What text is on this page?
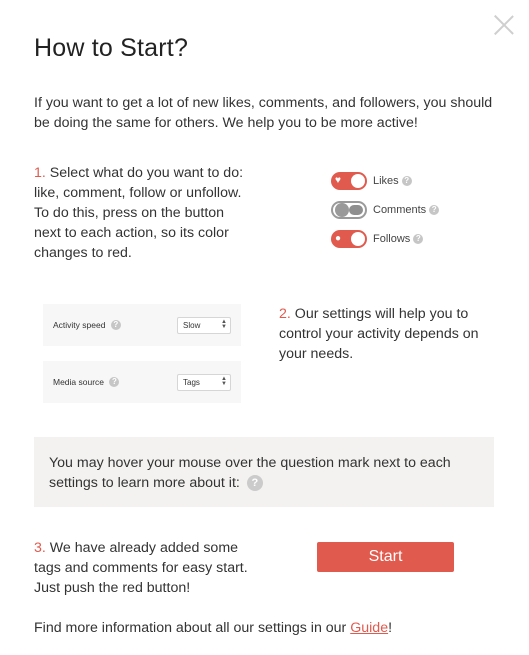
How to Start?

If you want to get a lot of new likes, comments, and followers, you should be doing the same for others. We help you to be more active!

1. Select what do you want to do: like, comment, follow or unfollow. To do this, press on the button next to each action, so its color changes to red.

♥	Likes ?
Comments ?
●	Follows ?
Activity speed ?	Slow	▲
▼
Media source ?	Tags	▲
▼

2. Our settings will help you to control your activity depends on your needs.

You may hover your mouse over the question mark next to each settings to learn more about it: ?

3. We have already added some tags and comments for easy start. Just push the red button!

Start

Find more information about all our settings in our Guide!
